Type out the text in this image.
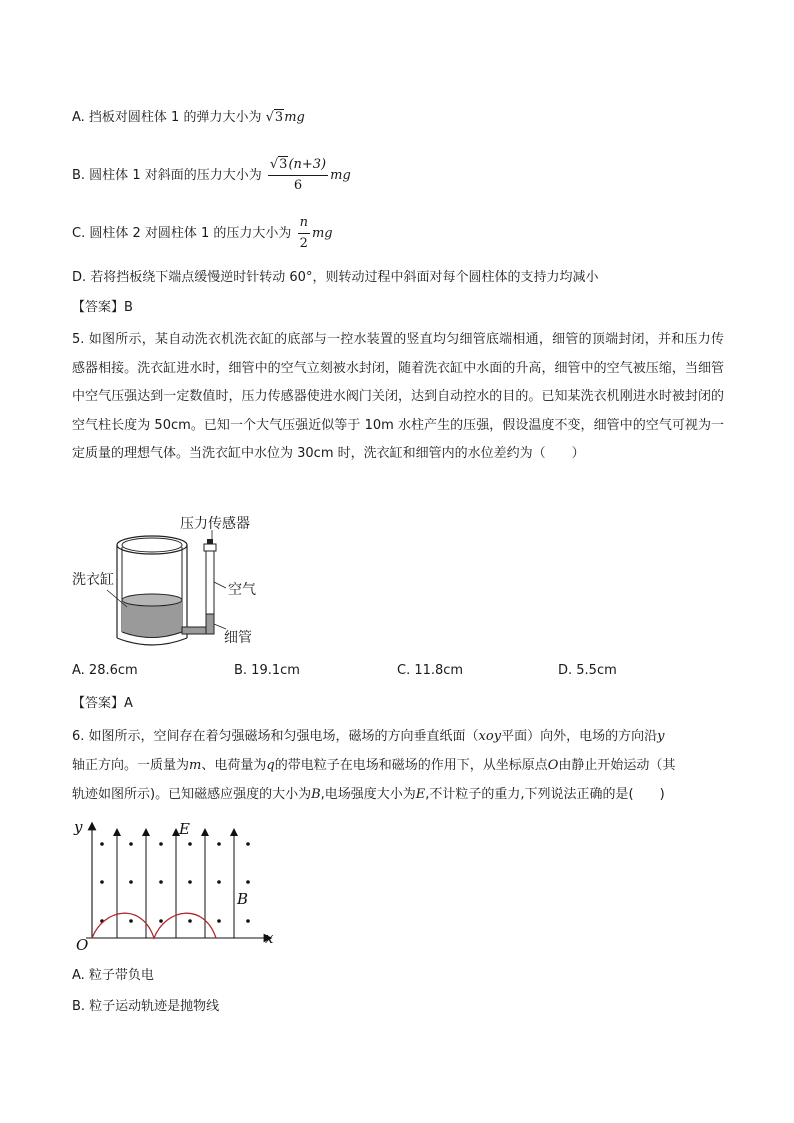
A. 挡板对圆柱体 1 的弹力大小为 √3mg
B. 圆柱体 1 对斜面的压力大小为 $\frac{√3(n+3)}{6}$ mg
C. 圆柱体 2 对圆柱体 1 的压力大小为 $\frac{n}{2}$ mg
D. 若将挡板绕下端点缓慢逆时针转动 60°，则转动过程中斜面对每个圆柱体的支持力均减小
【答案】B
5. 如图所示，某自动洗衣机洗衣缸的底部与一控水装置的竖直均匀细管底端相通，细管的顶端封闭，并和压力传感器相接。洗衣缸进水时，细管中的空气立刻被水封闭，随着洗衣缸中水面的升高，细管中的空气被压缩，当细管中空气压强达到一定数值时，压力传感器使进水阀门关闭，达到自动控水的目的。已知某洗衣机刚进水时被封闭的空气柱长度为 50cm。已知一个大气压强近似等于 10m 水柱产生的压强，假设温度不变，细管中的空气可视为一定质量的理想气体。当洗衣缸中水位为 30cm 时，洗衣缸和细管内的水位差约为（　　）
压力传感器
洗衣缸
空气
细管
A. 28.6cm	B. 19.1cm	C. 11.8cm	D. 5.5cm
【答案】A
6. 如图所示，空间存在着匀强磁场和匀强电场，磁场的方向垂直纸面（xoy平面）向外，电场的方向沿y
轴正方向。一质量为m、电荷量为q的带电粒子在电场和磁场的作用下，从坐标原点O由静止开始运动（其
轨迹如图所示)。已知磁感应强度的大小为B,电场强度大小为E,不计粒子的重力,下列说法正确的是(　　)
y
x
O
E
B
A. 粒子带负电
B. 粒子运动轨迹是抛物线
